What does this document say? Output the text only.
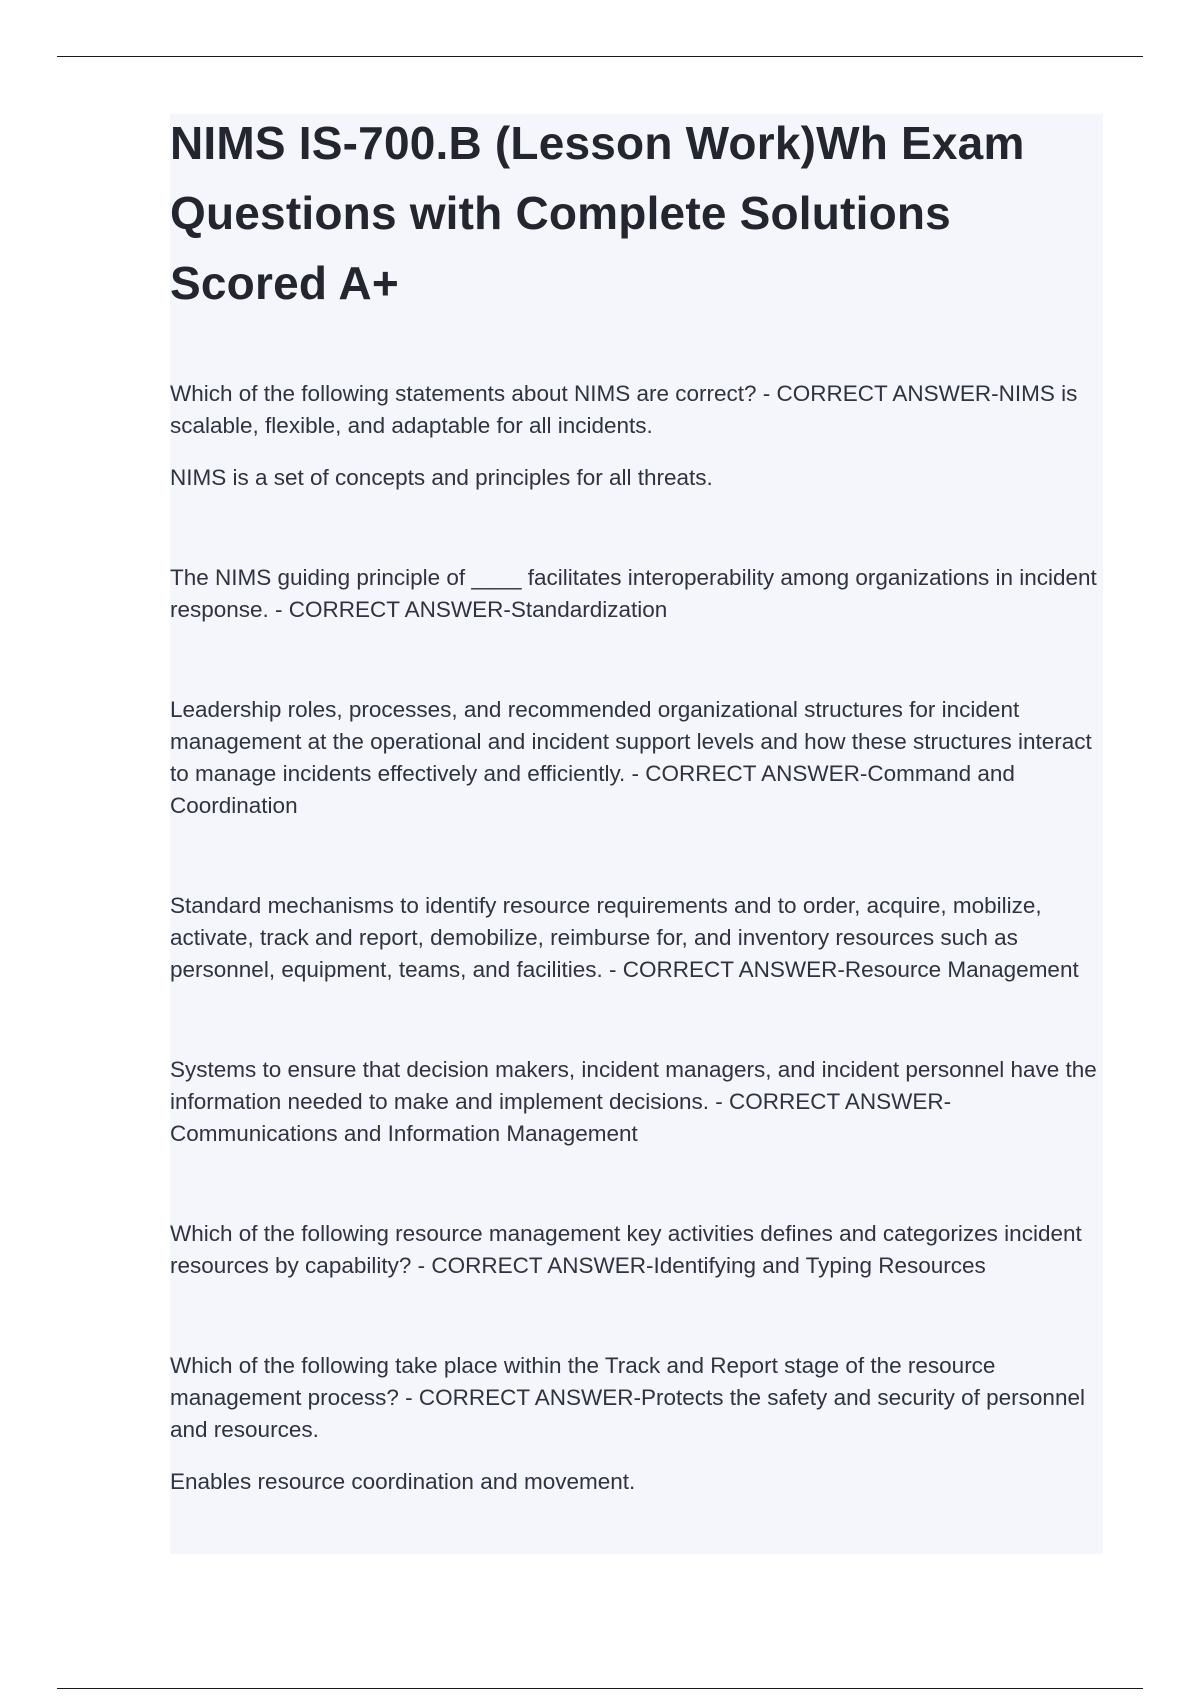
NIMS IS-700.B (Lesson Work)Wh Exam Questions with Complete Solutions Scored A+

Which of the following statements about NIMS are correct? - CORRECT ANSWER-NIMS is scalable, flexible, and adaptable for all incidents.

NIMS is a set of concepts and principles for all threats.

The NIMS guiding principle of ____ facilitates interoperability among organizations in incident response. - CORRECT ANSWER-Standardization

Leadership roles, processes, and recommended organizational structures for incident management at the operational and incident support levels and how these structures interact to manage incidents effectively and efficiently. - CORRECT ANSWER-Command and Coordination

Standard mechanisms to identify resource requirements and to order, acquire, mobilize, activate, track and report, demobilize, reimburse for, and inventory resources such as personnel, equipment, teams, and facilities. - CORRECT ANSWER-Resource Management

Systems to ensure that decision makers, incident managers, and incident personnel have the information needed to make and implement decisions. - CORRECT ANSWER-Communications and Information Management

Which of the following resource management key activities defines and categorizes incident resources by capability? - CORRECT ANSWER-Identifying and Typing Resources

Which of the following take place within the Track and Report stage of the resource management process? - CORRECT ANSWER-Protects the safety and security of personnel and resources.

Enables resource coordination and movement.
